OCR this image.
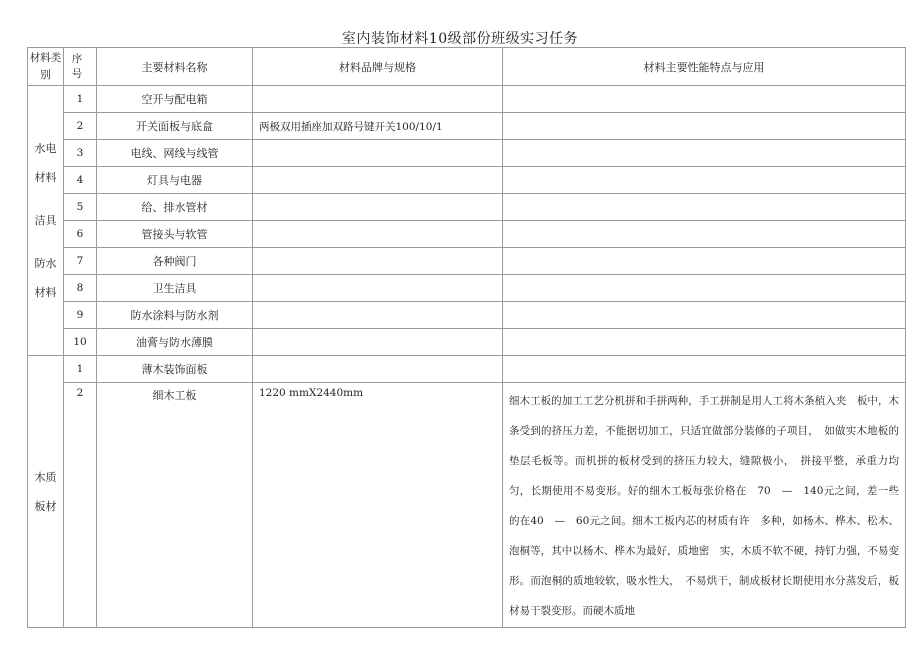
室内装饰材料10级部份班级实习任务
材料类别	序号	主要材料名称	材料品牌与规格	材料主要性能特点与应用

水电
材料
洁具
防水
材料	1	空开与配电箱		
	2	开关面板与底盒	两极双用插座加双路号键开关100/10/1	
	3	电线、网线与线管		
	4	灯具与电器		
	5	给、排水管材		
	6	管接头与软管		
	7	各种阀门		
	8	卫生洁具		
	9	防水涂料与防水剂		
	10	油膏与防水薄膜		

木质
板材	1	薄木装饰面板		
	2	细木工板	1220 mmX2440mm	细木工板的加工工艺分机拼和手拼两种，手工拼制是用人工将木条植入夹　板中，木条受到的挤压力差，不能据切加工，只适宜做部分装修的子项目，　如做实木地板的垫层毛板等。而机拼的板材受到的挤压力较大，缝隙极小，　拼接平整，承重力均匀，长期使用不易变形。好的细木工板每张价格在　70　—　140元之间，差一些的在40　—　60元之间。细木工板内芯的材质有许　多种，如杨木、桦木、松木、泡桐等，其中以杨木、桦木为最好，质地密　实，木质不软不硬，持钉力强，不易变形。而泡桐的质地较软，吸水性大，　不易烘干，制成板材长期使用水分蒸发后，板材易干裂变形。而硬木质地
